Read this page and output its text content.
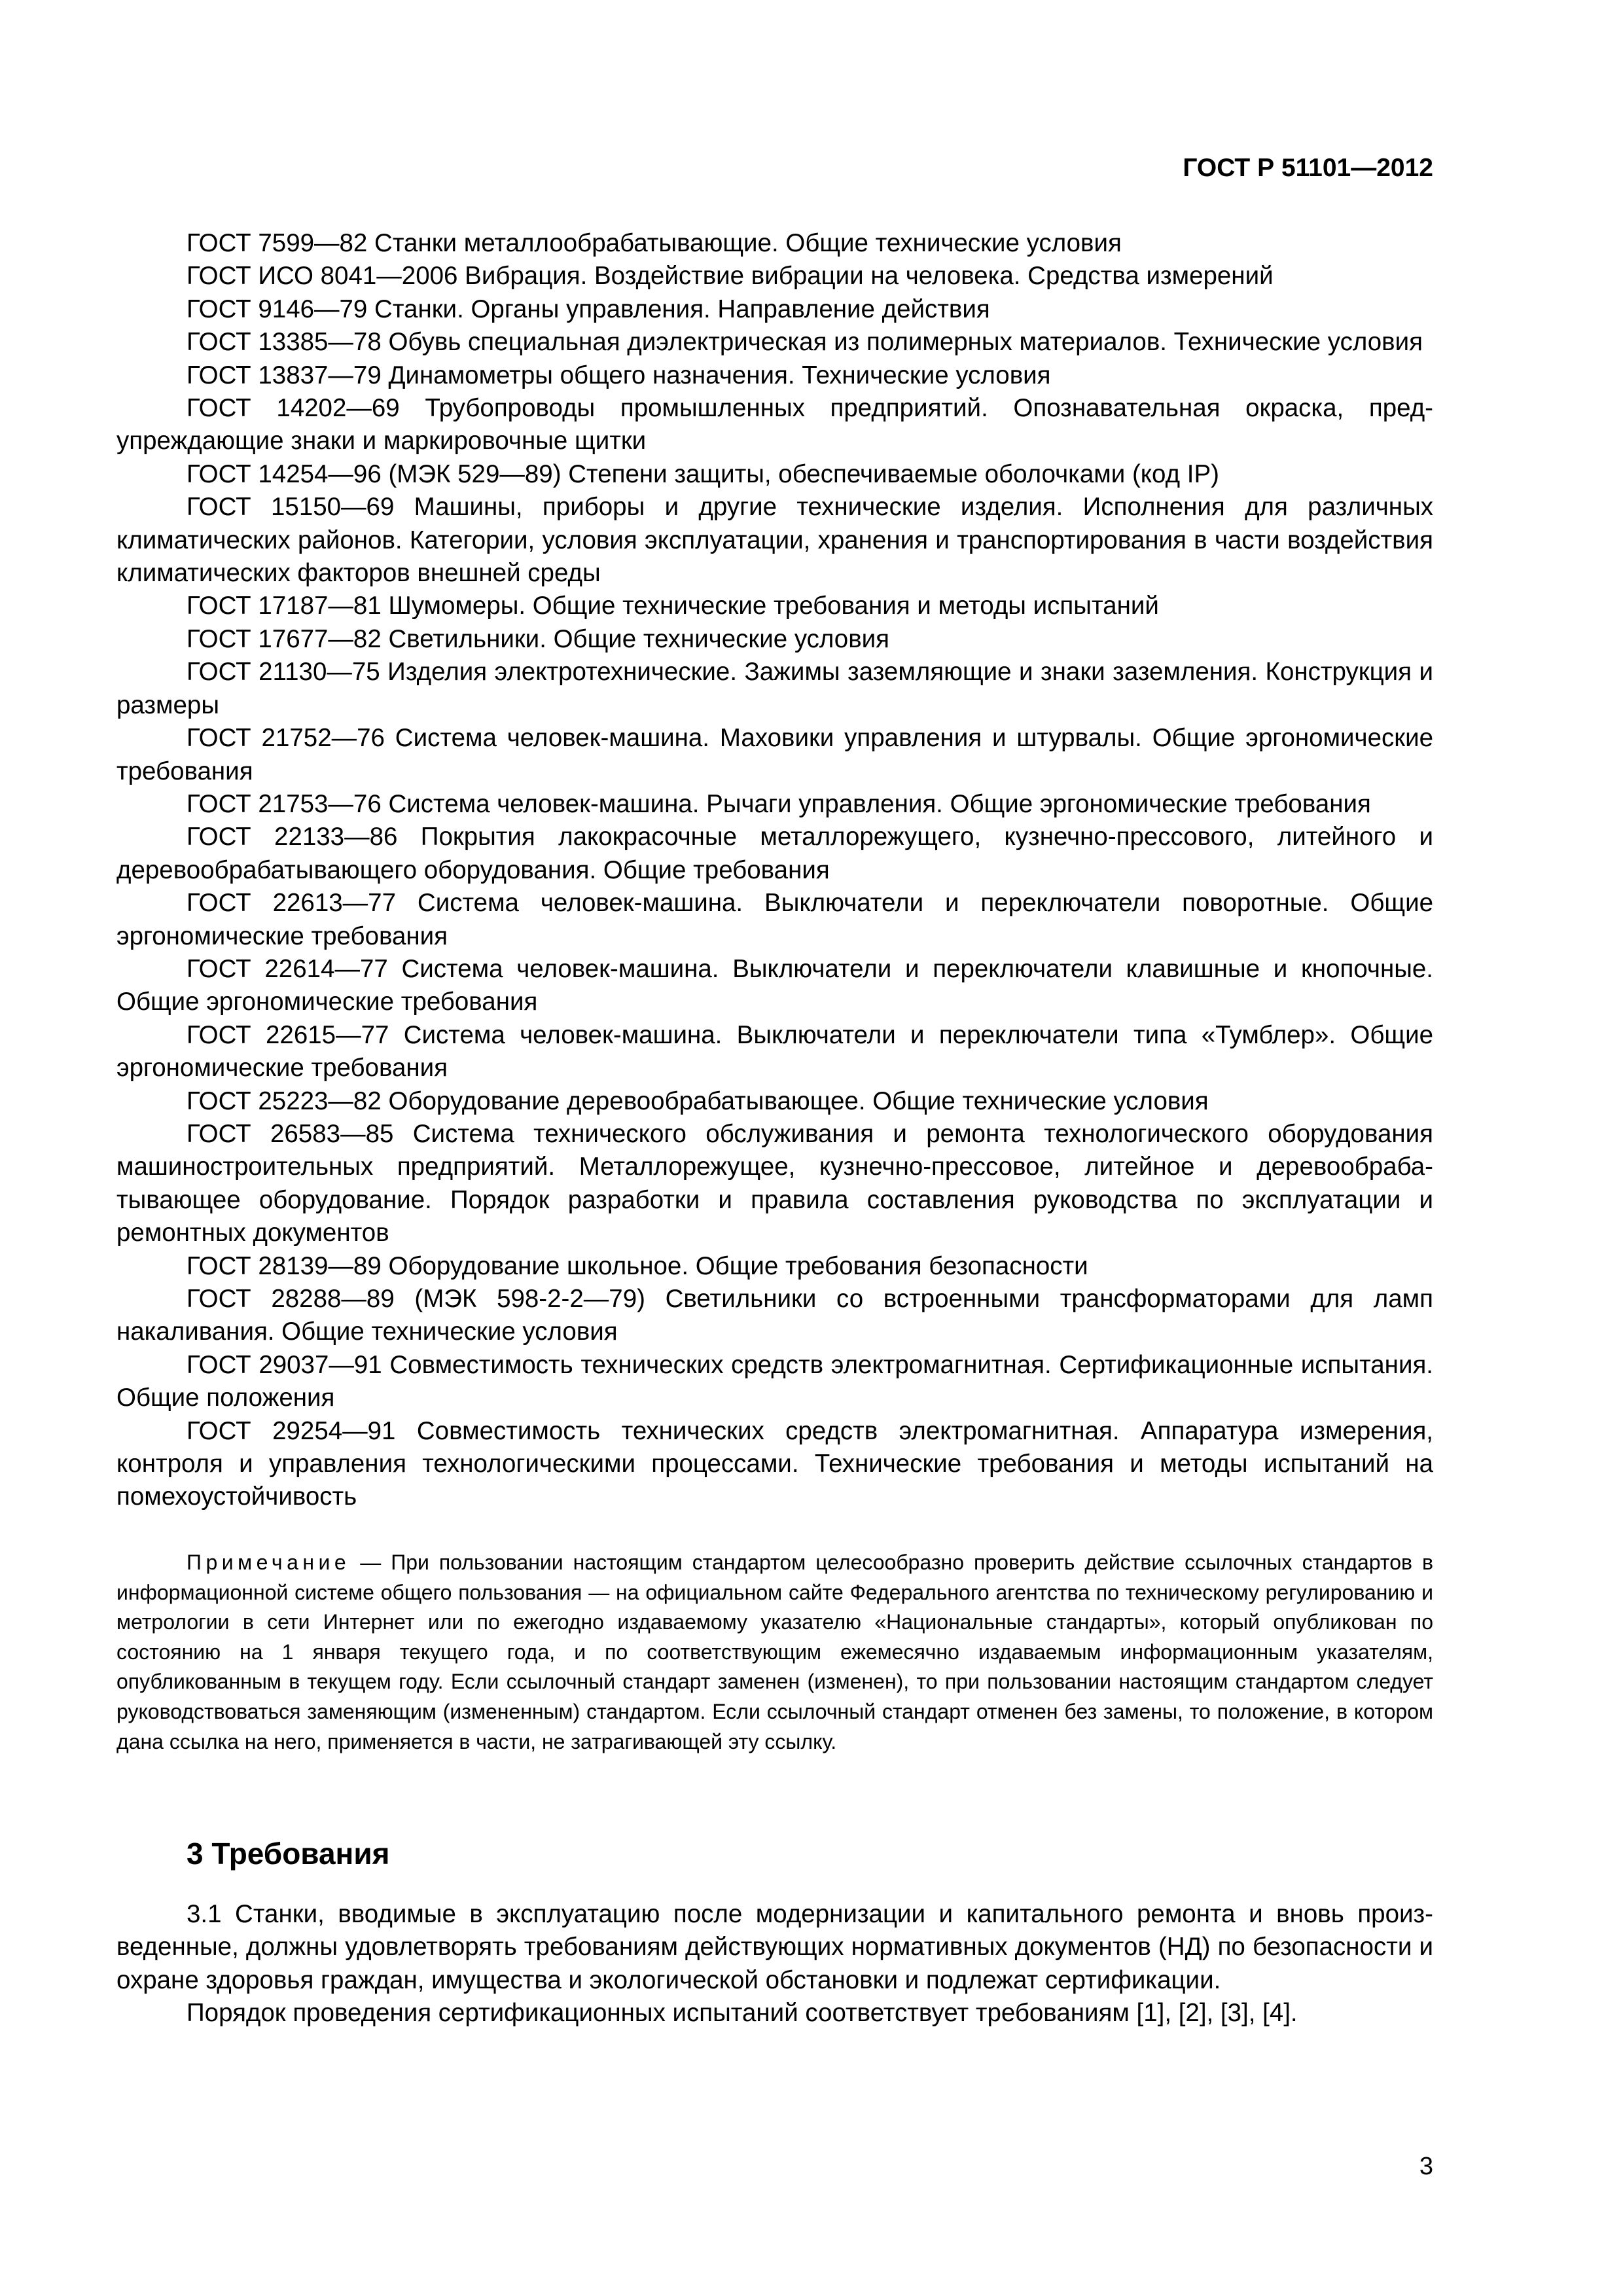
ГОСТ Р 51101—2012

ГОСТ 7599—82 Станки металлообрабатывающие. Общие технические условия

ГОСТ ИСО 8041—2006 Вибрация. Воздействие вибрации на человека. Средства измерений

ГОСТ 9146—79 Станки. Органы управления. Направление действия

ГОСТ 13385—78 Обувь специальная диэлектрическая из полимерных материалов. Технические условия

ГОСТ 13837—79 Динамометры общего назначения. Технические условия

ГОСТ 14202—69 Трубопроводы промышленных предприятий. Опознавательная окраска, предупреждающие знаки и маркировочные щитки

ГОСТ 14254—96 (МЭК 529—89) Степени защиты, обеспечиваемые оболочками (код IP)

ГОСТ 15150—69 Машины, приборы и другие технические изделия. Исполнения для различных климатических районов. Категории, условия эксплуатации, хранения и транспортирования в части воздействия климатических факторов внешней среды

ГОСТ 17187—81 Шумомеры. Общие технические требования и методы испытаний

ГОСТ 17677—82 Светильники. Общие технические условия

ГОСТ 21130—75 Изделия электротехнические. Зажимы заземляющие и знаки заземления. Конструкция и размеры

ГОСТ 21752—76 Система человек-машина. Маховики управления и штурвалы. Общие эргономические требования

ГОСТ 21753—76 Система человек-машина. Рычаги управления. Общие эргономические требования

ГОСТ 22133—86 Покрытия лакокрасочные металлорежущего, кузнечно-прессового, литейного и деревообрабатывающего оборудования. Общие требования

ГОСТ 22613—77 Система человек-машина. Выключатели и переключатели поворотные. Общие эргономические требования

ГОСТ 22614—77 Система человек-машина. Выключатели и переключатели клавишные и кнопочные. Общие эргономические требования

ГОСТ 22615—77 Система человек-машина. Выключатели и переключатели типа «Тумблер». Общие эргономические требования

ГОСТ 25223—82 Оборудование деревообрабатывающее. Общие технические условия

ГОСТ 26583—85 Система технического обслуживания и ремонта технологического оборудования машиностроительных предприятий. Металлорежущее, кузнечно-прессовое, литейное и деревообрабатывающее оборудование. Порядок разработки и правила составления руководства по эксплуатации и ремонтных документов

ГОСТ 28139—89 Оборудование школьное. Общие требования безопасности

ГОСТ 28288—89 (МЭК 598-2-2—79) Светильники со встроенными трансформаторами для ламп накаливания. Общие технические условия

ГОСТ 29037—91 Совместимость технических средств электромагнитная. Сертификационные испытания. Общие положения

ГОСТ 29254—91 Совместимость технических средств электромагнитная. Аппаратура измерения, контроля и управления технологическими процессами. Технические требования и методы испытаний на помехоустойчивость

Примечание — При пользовании настоящим стандартом целесообразно проверить действие ссылочных стандартов в информационной системе общего пользования — на официальном сайте Федерального агентства по техническому регулированию и метрологии в сети Интернет или по ежегодно издаваемому указателю «Национальные стандарты», который опубликован по состоянию на 1 января текущего года, и по соответствующим ежемесячно издаваемым информационным указателям, опубликованным в текущем году. Если ссылочный стандарт заменен (изменен), то при пользовании настоящим стандартом следует руководствоваться заменяющим (измененным) стандартом. Если ссылочный стандарт отменен без замены, то положение, в котором дана ссылка на него, применяется в части, не затрагивающей эту ссылку.

3 Требования

3.1 Станки, вводимые в эксплуатацию после модернизации и капитального ремонта и вновь произведенные, должны удовлетворять требованиям действующих нормативных документов (НД) по безопасности и охране здоровья граждан, имущества и экологической обстановки и подлежат сертификации.

Порядок проведения сертификационных испытаний соответствует требованиям [1], [2], [3], [4].

3
